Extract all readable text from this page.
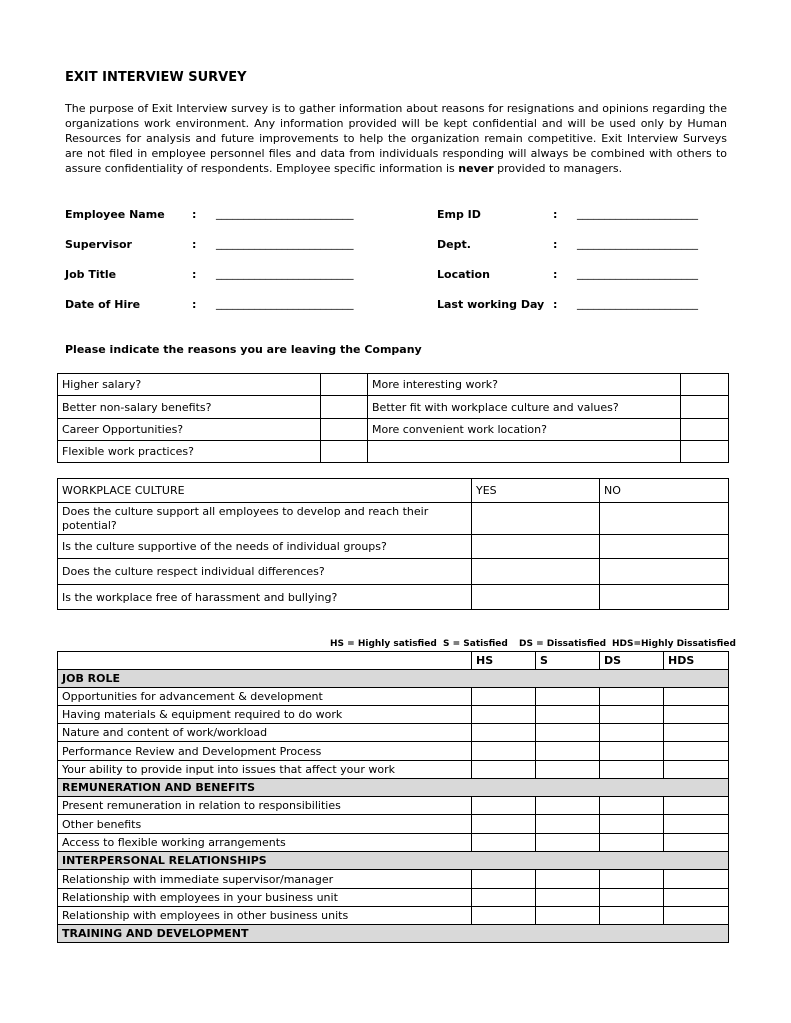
EXIT INTERVIEW SURVEY
The purpose of Exit Interview survey is to gather information about reasons for resignations and opinions regarding the organizations work environment. Any information provided will be kept confidential and will be used only by Human Resources for analysis and future improvements to help the organization remain competitive. Exit Interview Surveys are not filed in employee personnel files and data from individuals responding will always be combined with others to assure confidentiality of respondents. Employee specific information is never provided to managers.
Employee Name : _________________________
Supervisor	: _________________________
Job Title	: _________________________
Date of Hire	: _________________________
Emp ID	: ______________________
Dept.	: ______________________
Location	: ______________________
Last working Day : ______________________
Please indicate the reasons you are leaving the Company
Higher salary?		More interesting work?	
Better non-salary benefits?		Better fit with workplace culture and values?	
Career Opportunities?		More convenient work location?	
Flexible work practices?			
WORKPLACE CULTURE	YES	NO
Does the culture support all employees to develop and reach their potential?		
Is the culture supportive of the needs of individual groups?		
Does the culture respect individual differences?		
Is the workplace free of harassment and bullying?		
HS = Highly satisfied S = Satisfied DS = Dissatisfied HDS=Highly Dissatisfied
	HS	S	DS	HDS
JOB ROLE				
Opportunities for advancement & development				
Having materials & equipment required to do work				
Nature and content of work/workload				
Performance Review and Development Process				
Your ability to provide input into issues that affect your work				
REMUNERATION AND BENEFITS				
Present remuneration in relation to responsibilities				
Other benefits				
Access to flexible working arrangements				
INTERPERSONAL RELATIONSHIPS				
Relationship with immediate supervisor/manager				
Relationship with employees in your business unit				
Relationship with employees in other business units				
TRAINING AND DEVELOPMENT				
